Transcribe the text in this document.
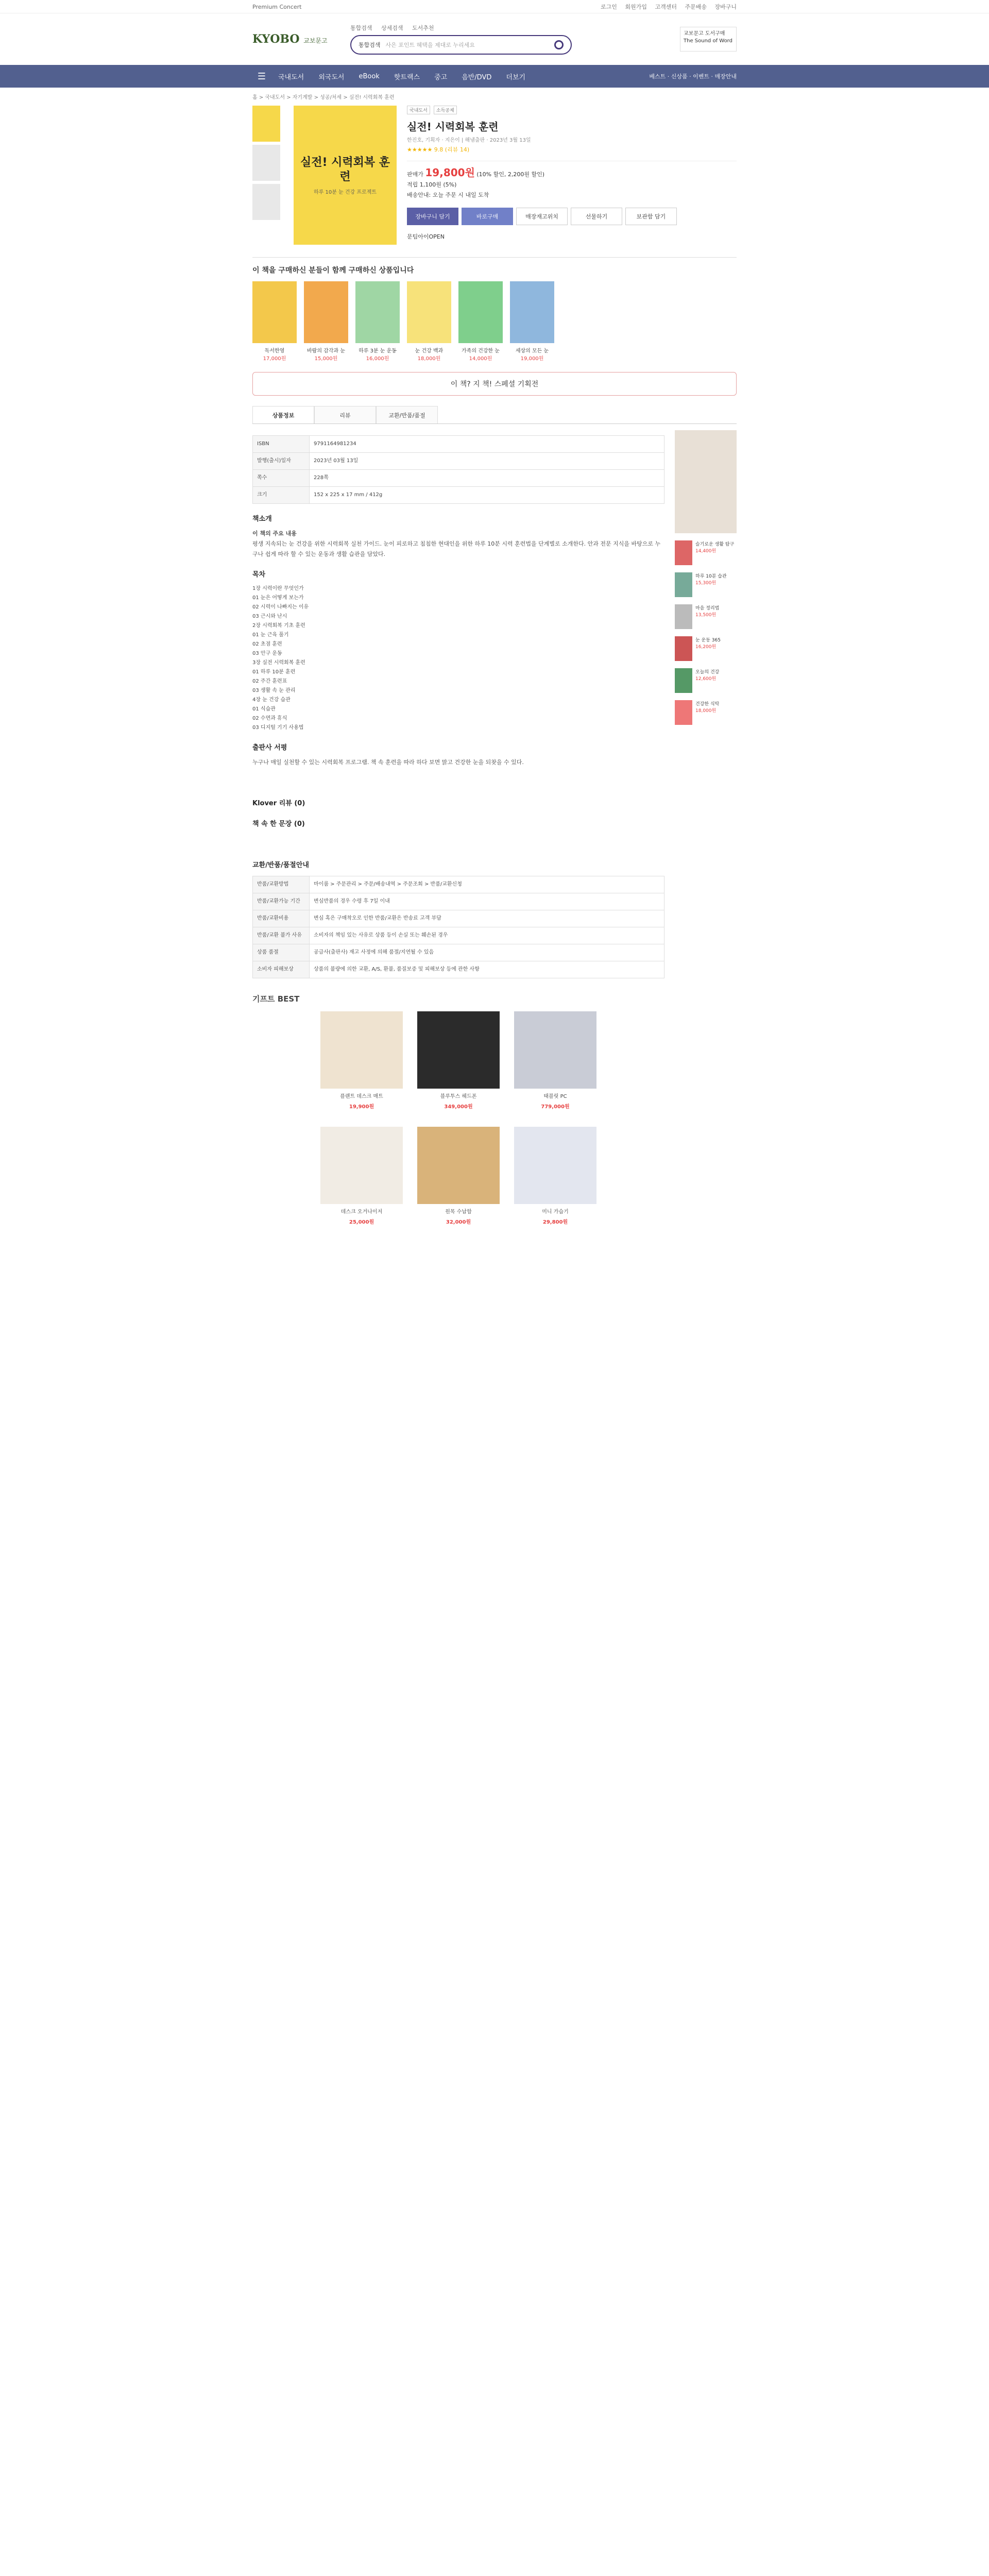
Premium Concert	로그인 회원가입 고객센터 주문배송 장바구니
KYOBO 교보문고
통합검색 상세검색 도서추천
통합검색 사은 포인트 혜택을 제대로 누리세요
교보문고 도서구매 The Sound of Word
☰	국내도서 외국도서 eBook 핫트랙스 중고 음반/DVD 더보기	베스트 · 신상품 · 이벤트 · 매장안내
홈 > 국내도서 > 자기계발 > 성공/처세 > 실전! 시력회복 훈련
실전! 시력회복 훈련
하루 10분 눈 건강 프로젝트
국내도서 소득공제
실전! 시력회복 훈련
한진호, 기획자 · 지은이 | 해냄출판 · 2023년 3월 13일
★★★★★ 9.8 (리뷰 14)
판매가 19,800원 (10% 할인, 2,200원 할인)
적립 1,100원 (5%)
배송안내: 오늘 주문 시 내일 도착
장바구니 담기	바로구매	매장재고위치	선물하기	보관함 담기
문팀아이OPEN
이 책을 구매하신 분들이 함께 구매하신 상품입니다
독서한영
17,000원
바람의 감각과 눈
15,000원
하루 3분 눈 운동
16,000원
눈 건강 백과
18,000원
가족의 건강한 눈
14,000원
세상의 모든 눈
19,000원
이 책? 지 책! 스페셜 기획전
상품정보	리뷰	교환/반품/품절
ISBN	9791164981234
발행(출시)일자	2023년 03월 13일
쪽수	228쪽
크기	152 x 225 x 17 mm / 412g
책소개
이 책의 주요 내용

평생 지속되는 눈 건강을 위한 시력회복 실천 가이드. 눈이 피로하고 침침한 현대인을 위한 하루 10분 시력 훈련법을 단계별로 소개한다. 안과 전문 지식을 바탕으로 누구나 쉽게 따라 할 수 있는 운동과 생활 습관을 담았다.

목차
1장 시력이란 무엇인가
01 눈은 어떻게 보는가
02 시력이 나빠지는 이유
03 근시와 난시
2장 시력회복 기초 훈련
01 눈 근육 풀기
02 초점 훈련
03 안구 운동
3장 실전 시력회복 훈련
01 하루 10분 훈련
02 주간 훈련표
03 생활 속 눈 관리
4장 눈 건강 습관
01 식습관
02 수면과 휴식
03 디지털 기기 사용법
출판사 서평

누구나 매일 실천할 수 있는 시력회복 프로그램. 책 속 훈련을 따라 하다 보면 맑고 건강한 눈을 되찾을 수 있다.

Klover 리뷰 (0)
책 속 한 문장 (0)
교환/반품/품절안내
반품/교환방법	마이룸 > 주문관리 > 주문/배송내역 > 주문조회 > 반품/교환신청
반품/교환가능 기간	변심반품의 경우 수령 후 7일 이내
반품/교환비용	변심 혹은 구매착오로 인한 반품/교환은 반송료 고객 부담
반품/교환 불가 사유	소비자의 책임 있는 사유로 상품 등이 손실 또는 훼손된 경우
상품 품절	공급사(출판사) 재고 사정에 의해 품절/지연될 수 있음
소비자 피해보상	상품의 불량에 의한 교환, A/S, 환불, 품질보증 및 피해보상 등에 관한 사항
기프트 BEST
플랜트 데스크 매트
19,900원
블루투스 헤드폰
349,000원
태블릿 PC
779,000원
데스크 오거나이저
25,000원
원목 수납함
32,000원
미니 가습기
29,800원
슬기로운 생활 탐구
14,400원
하루 10분 습관
15,300원
마음 정리법
13,500원
눈 운동 365
16,200원
오늘의 건강
12,600원
건강한 식탁
18,000원
